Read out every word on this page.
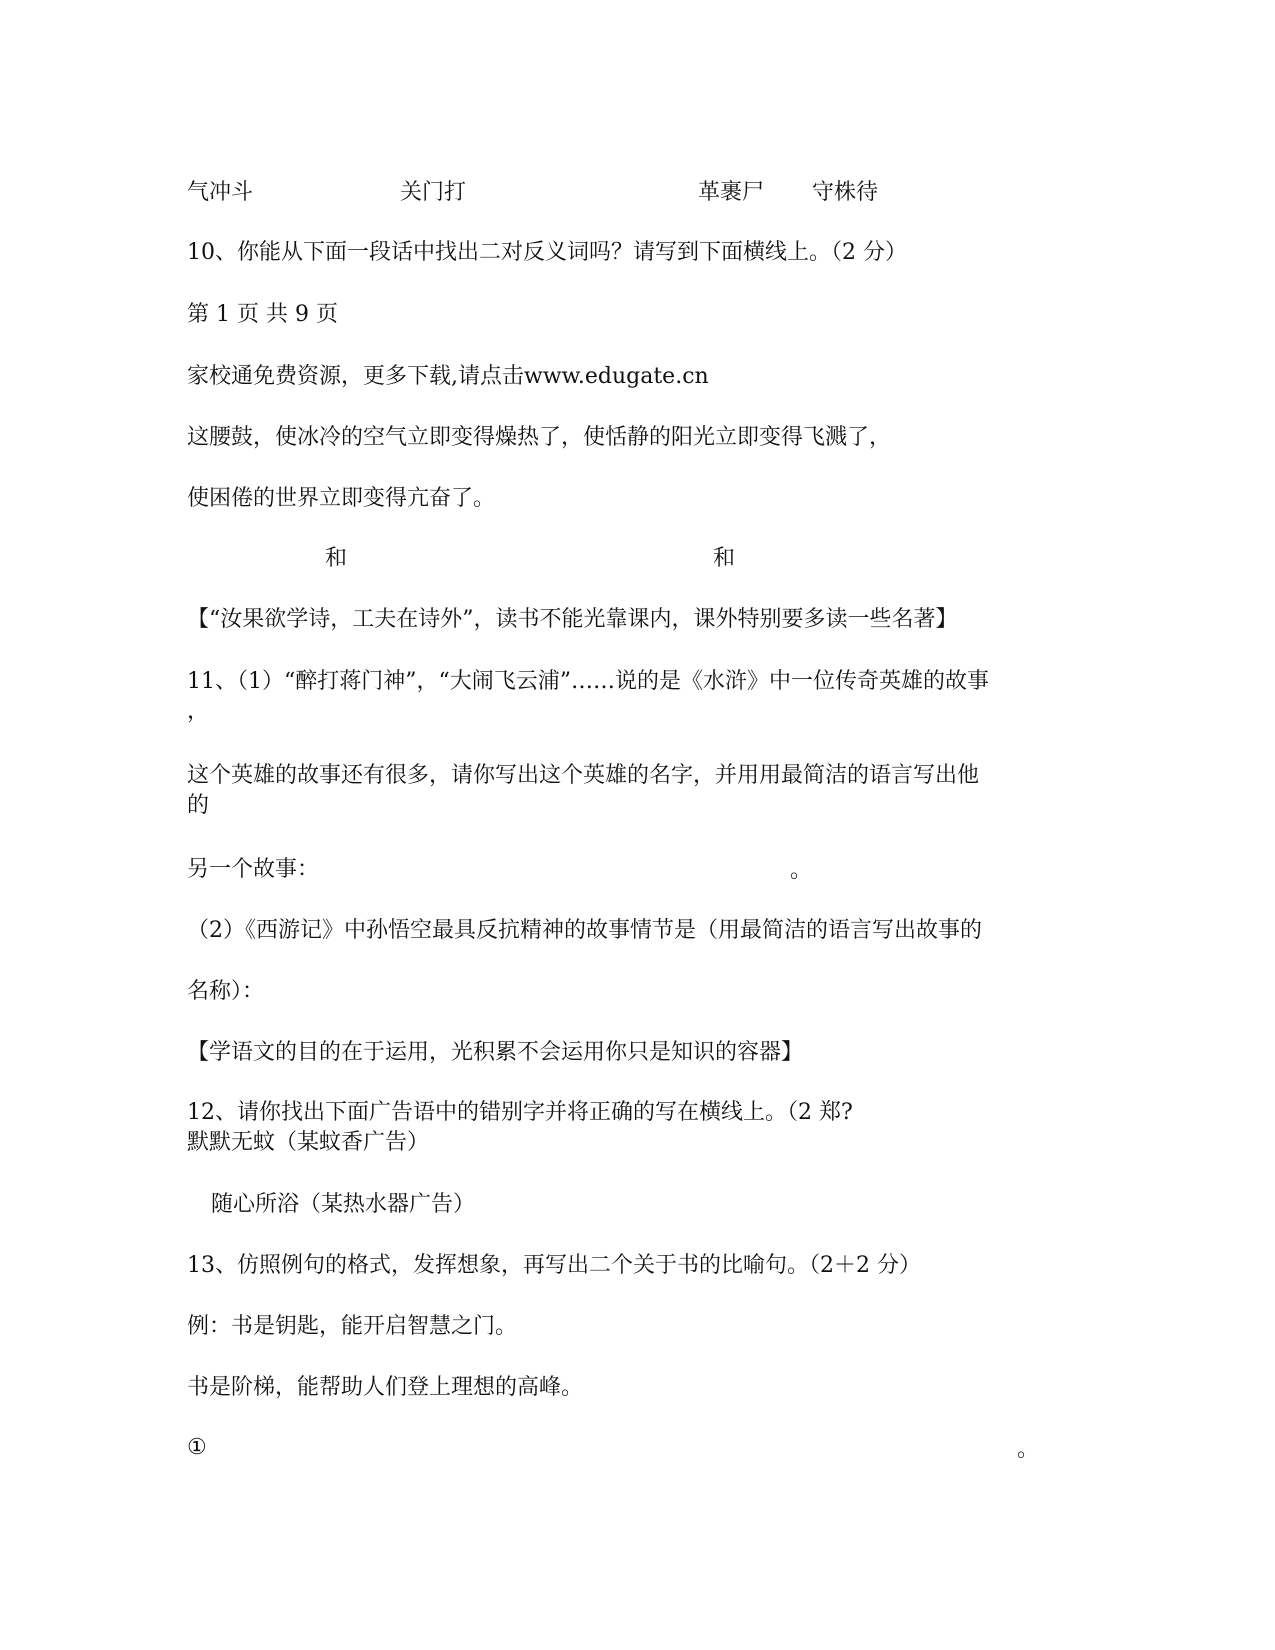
气冲斗	关门打	革裹尸 守株待
10、你能从下面一段话中找出二对反义词吗？请写到下面横线上。（2 分）
第 1 页 共 9 页
家校通免费资源，更多下载,请点击www.edugate.cn
这腰鼓，使冰冷的空气立即变得燥热了，使恬静的阳光立即变得飞溅了，
使困倦的世界立即变得亢奋了。
和	和
【“汝果欲学诗，工夫在诗外”，读书不能光靠课内，课外特别要多读一些名著】
11、（1）“醉打蒋门神”，“大闹飞云浦”……说的是《水浒》中一位传奇英雄的故事
，
这个英雄的故事还有很多，请你写出这个英雄的名字，并用用最简洁的语言写出他
的
另一个故事：	。
（2）《西游记》中孙悟空最具反抗精神的故事情节是（用最简洁的语言写出故事的
名称）：
【学语文的目的在于运用，光积累不会运用你只是知识的容器】
12、请你找出下面广告语中的错别字并将正确的写在横线上。（2 郑?
默默无蚊（某蚊香广告）
随心所浴（某热水器广告）
13、仿照例句的格式，发挥想象，再写出二个关于书的比喻句。（2＋2 分）
例：书是钥匙，能开启智慧之门。
书是阶梯，能帮助人们登上理想的高峰。
①	。
